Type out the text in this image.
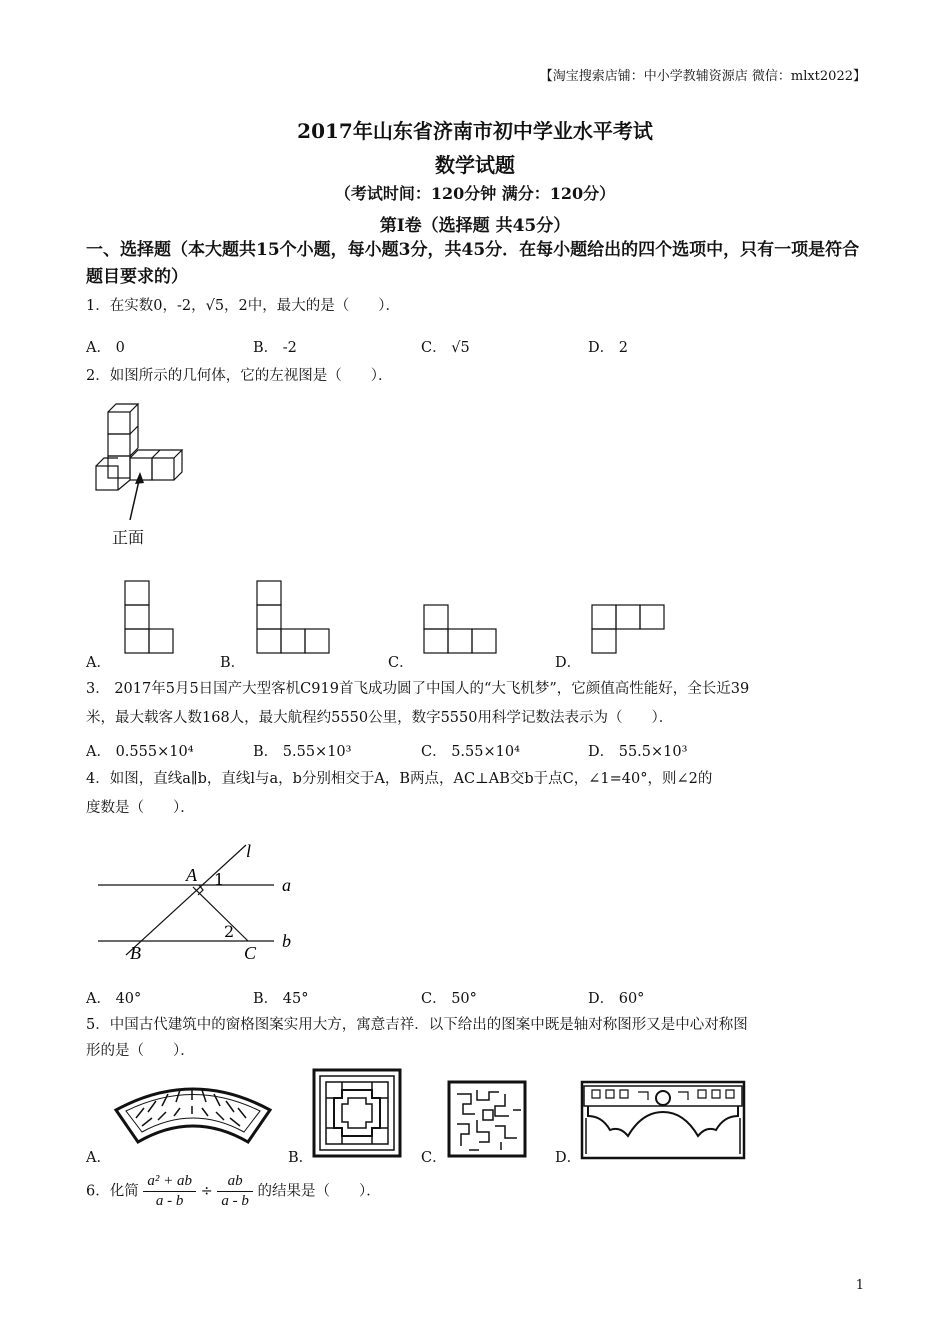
【淘宝搜索店铺：中小学教辅资源店 微信：mlxt2022】
2017年山东省济南市初中学业水平考试
数学试题
（考试时间：120分钟 满分：120分）
第Ⅰ卷（选择题 共45分）
一、选择题（本大题共15个小题，每小题3分，共45分．在每小题给出的四个选项中，只有一项是符合题目要求的）
1．在实数0，-2，√5，2中，最大的是（　　）．
A． 0	B． -2	C． √5	D． 2
2．如图所示的几何体，它的左视图是（　　）．
正面
A．	B．	C．	D．
3． 2017年5月5日国产大型客机C919首飞成功圆了中国人的“大飞机梦”，它颜值高性能好，全长近39
米，最大载客人数168人，最大航程约5550公里，数字5550用科学记数法表示为（　　）．
A． 0.555×10⁴	B． 5.55×10³	C． 5.55×10⁴	D． 55.5×10³
4．如图，直线a∥b，直线l与a，b分别相交于A，B两点，AC⊥AB交b于点C，∠1=40°，则∠2的
度数是（　　）．
l
a
b
A
B	C
1
2
A． 40°	B． 45°	C． 50°	D． 60°
5．中国古代建筑中的窗格图案实用大方，寓意吉祥．以下给出的图案中既是轴对称图形又是中心对称图
形的是（　　）．
A．	B．	C．	D．
6．化简 $\frac{\text{a² + ab}}{a - b} \div \frac{ab}{a - b}$ 的结果是（　　）．
1
